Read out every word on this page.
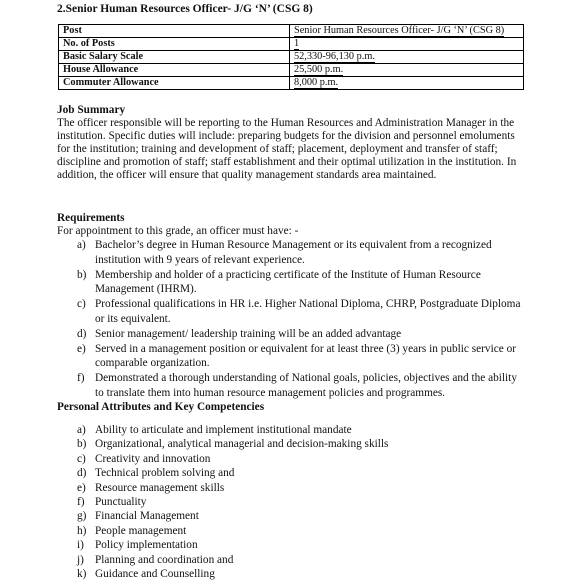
2.Senior Human Resources Officer- J/G ‘N’ (CSG 8)
Post	Senior Human Resources Officer- J/G ‘N’ (CSG 8)
No. of Posts	1
Basic Salary Scale	52,330-96,130 p.m.
House Allowance	25,500 p.m.
Commuter Allowance	8,000 p.m.
Job Summary
The officer responsible will be reporting to the Human Resources and Administration Manager in the institution. Specific duties will include: preparing budgets for the division and personnel emoluments for the institution; training and development of staff; placement, deployment and transfer of staff; discipline and promotion of staff; staff establishment and their optimal utilization in the institution. In addition, the officer will ensure that quality management standards area maintained.
Requirements
For appointment to this grade, an officer must have: -
a) Bachelor’s degree in Human Resource Management or its equivalent from a recognized institution with 9 years of relevant experience.
b) Membership and holder of a practicing certificate of the Institute of Human Resource Management (IHRM).
c) Professional qualifications in HR i.e. Higher National Diploma, CHRP, Postgraduate Diploma or its equivalent.
d) Senior management/ leadership training will be an added advantage
e) Served in a management position or equivalent for at least three (3) years in public service or comparable organization.
f) Demonstrated a thorough understanding of National goals, policies, objectives and the ability to translate them into human resource management policies and programmes.
Personal Attributes and Key Competencies
a) Ability to articulate and implement institutional mandate
b) Organizational, analytical managerial and decision-making skills
c) Creativity and innovation
d) Technical problem solving and
e) Resource management skills
f) Punctuality
g) Financial Management
h) People management
i) Policy implementation
j) Planning and coordination and
k) Guidance and Counselling
